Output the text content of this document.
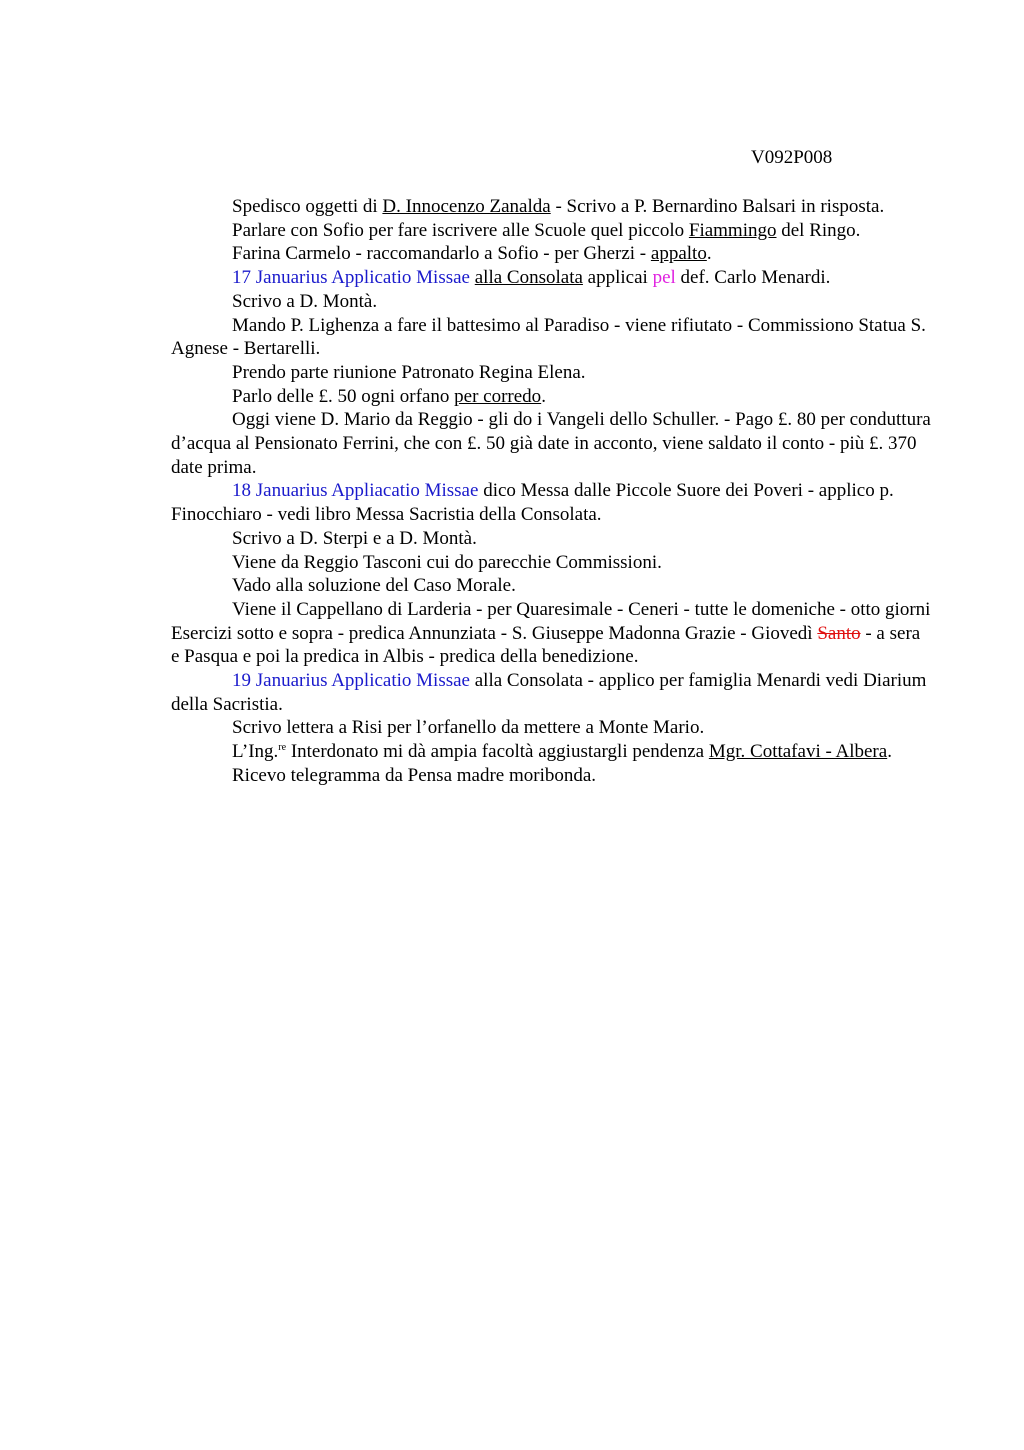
V092P008

Spedisco oggetti di D. Innocenzo Zanalda - Scrivo a P. Bernardino Balsari in risposta.

Parlare con Sofio per fare iscrivere alle Scuole quel piccolo Fiammingo del Ringo.

Farina Carmelo - raccomandarlo a Sofio - per Gherzi - appalto.

17 Januarius Applicatio Missae alla Consolata applicai pel def. Carlo Menardi.

Scrivo a D. Montà.

Mando P. Lighenza a fare il battesimo al Paradiso - viene rifiutato - Commissiono Statua S. Agnese - Bertarelli.

Prendo parte riunione Patronato Regina Elena.

Parlo delle £. 50 ogni orfano per corredo.

Oggi viene D. Mario da Reggio - gli do i Vangeli dello Schuller. - Pago £. 80 per conduttura d’acqua al Pensionato Ferrini, che con £. 50 già date in acconto, viene saldato il conto - più £. 370 date prima.

18 Januarius Appliacatio Missae dico Messa dalle Piccole Suore dei Poveri - applico p. Finocchiaro - vedi libro Messa Sacristia della Consolata.

Scrivo a D. Sterpi e a D. Montà.

Viene da Reggio Tasconi cui do parecchie Commissioni.

Vado alla soluzione del Caso Morale.

Viene il Cappellano di Larderia - per Quaresimale - Ceneri - tutte le domeniche - otto giorni Esercizi sotto e sopra - predica Annunziata - S. Giuseppe Madonna Grazie - Giovedì Santo - a sera e Pasqua e poi la predica in Albis - predica della benedizione.

19 Januarius Applicatio Missae alla Consolata - applico per famiglia Menardi vedi Diarium della Sacristia.

Scrivo lettera a Risi per l’orfanello da mettere a Monte Mario.

L’Ing.$^{re}$ Interdonato mi dà ampia facoltà aggiustargli pendenza Mgr. Cottafavi - Albera.

Ricevo telegramma da Pensa madre moribonda.
